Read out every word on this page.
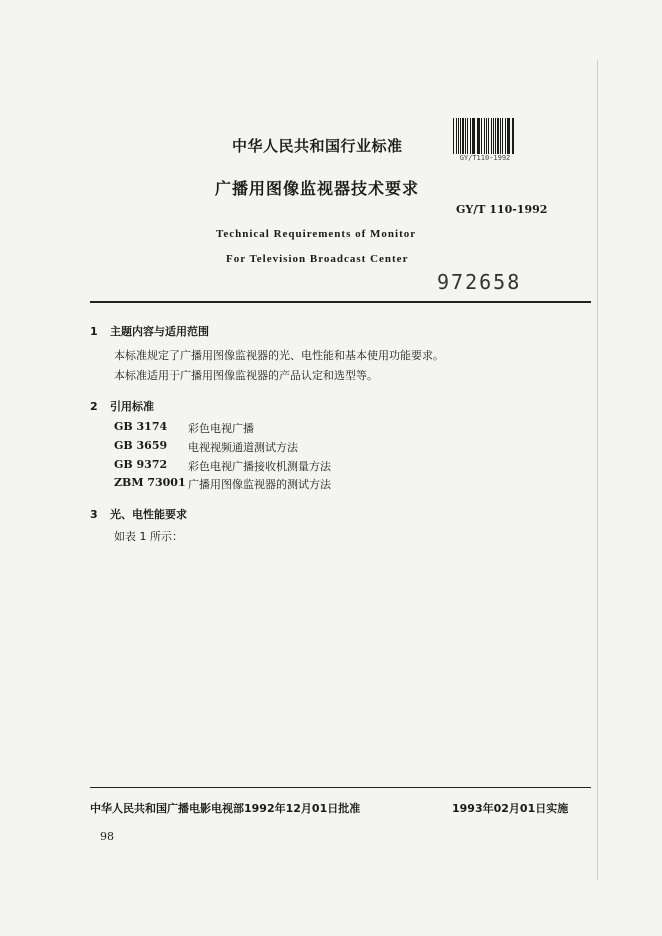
GY/T110-1992
中华人民共和国行业标准
广播用图像监视器技术要求
GY/T 110-1992
Technical Requirements of Monitor
For Television Broadcast Center
972658
1 主题内容与适用范围
本标准规定了广播用图像监视器的光、电性能和基本使用功能要求。
本标准适用于广播用图像监视器的产品认定和选型等。
2 引用标准
GB 3174 彩色电视广播
GB 3659 电视视频通道测试方法
GB 9372 彩色电视广播接收机测量方法
ZBM 73001 广播用图像监视器的测试方法
3 光、电性能要求
如表 1 所示：
中华人民共和国广播电影电视部1992年12月01日批准	1993年02月01日实施
98
